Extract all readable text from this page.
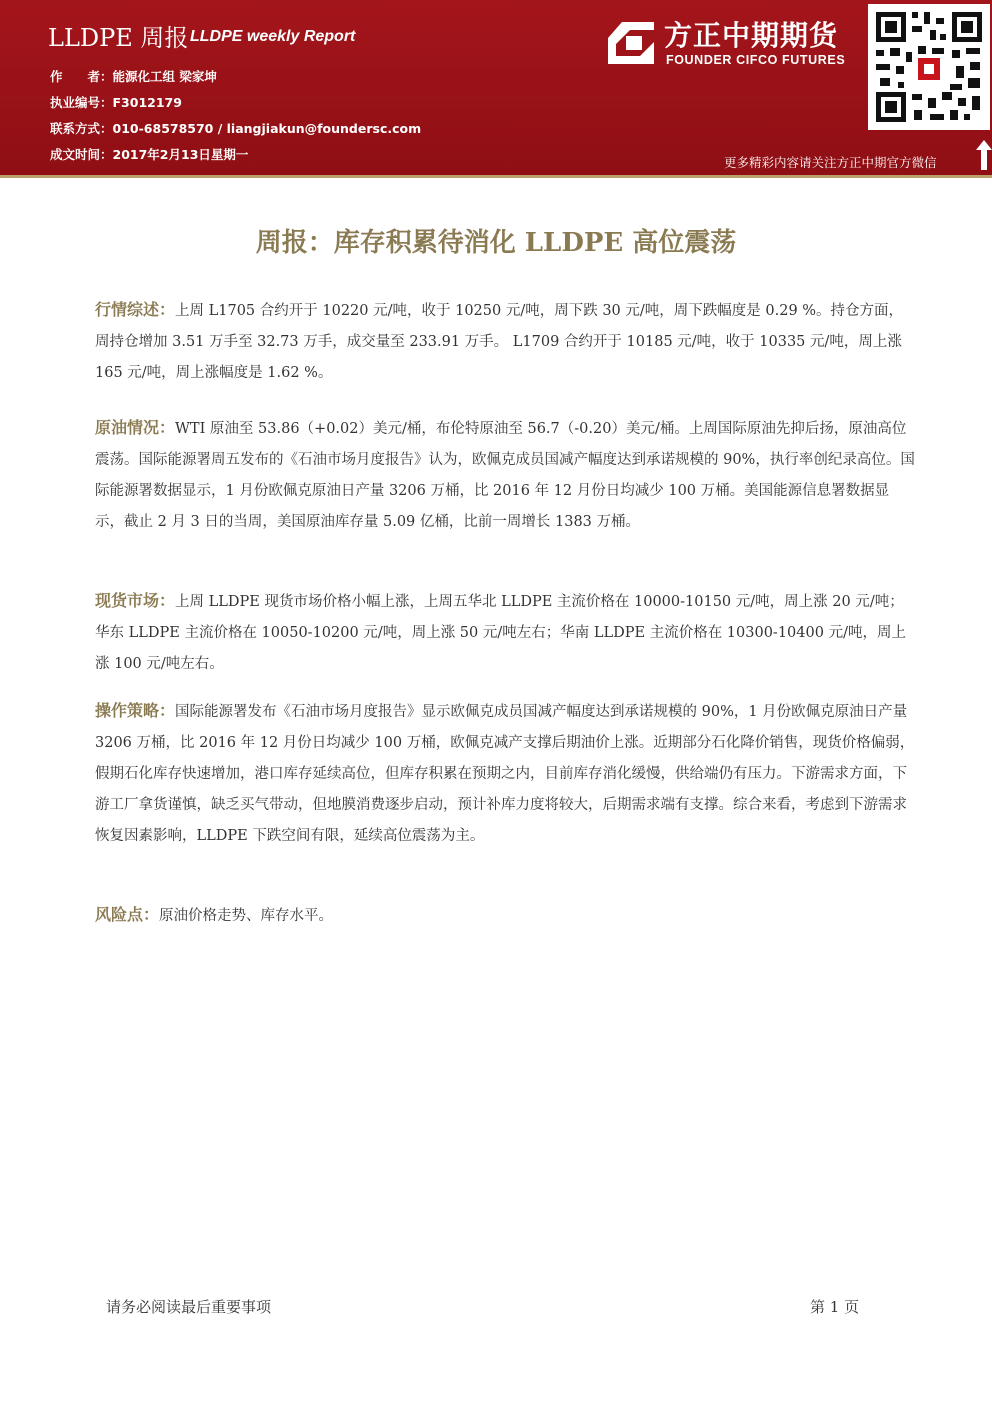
LLDPE 周报 LLDPE weekly Report
作　　者：能源化工组 梁家坤
执业编号：F3012179
联系方式：010-68578570 / liangjiakun@foundersc.com
成文时间：2017年2月13日星期一
方正中期期货
FOUNDER CIFCO FUTURES
更多精彩内容请关注方正中期官方微信
周报：库存积累待消化 LLDPE 高位震荡
行情综述：上周 L1705 合约开于 10220 元/吨，收于 10250 元/吨，周下跌 30 元/吨，周下跌幅度是 0.29 %。持仓方面，周持仓增加 3.51 万手至 32.73 万手，成交量至 233.91 万手。 L1709 合约开于 10185 元/吨，收于 10335 元/吨，周上涨 165 元/吨，周上涨幅度是 1.62 %。
原油情况：WTI 原油至 53.86（+0.02）美元/桶，布伦特原油至 56.7（-0.20）美元/桶。上周国际原油先抑后扬，原油高位震荡。国际能源署周五发布的《石油市场月度报告》认为，欧佩克成员国减产幅度达到承诺规模的 90%，执行率创纪录高位。国际能源署数据显示，1 月份欧佩克原油日产量 3206 万桶，比 2016 年 12 月份日均减少 100 万桶。美国能源信息署数据显示，截止 2 月 3 日的当周，美国原油库存量 5.09 亿桶，比前一周增长 1383 万桶。
现货市场：上周 LLDPE 现货市场价格小幅上涨，上周五华北 LLDPE 主流价格在 10000-10150 元/吨，周上涨 20 元/吨；华东 LLDPE 主流价格在 10050-10200 元/吨，周上涨 50 元/吨左右；华南 LLDPE 主流价格在 10300-10400 元/吨，周上涨 100 元/吨左右。
操作策略：国际能源署发布《石油市场月度报告》显示欧佩克成员国减产幅度达到承诺规模的 90%，1 月份欧佩克原油日产量 3206 万桶，比 2016 年 12 月份日均减少 100 万桶，欧佩克减产支撑后期油价上涨。近期部分石化降价销售，现货价格偏弱，假期石化库存快速增加，港口库存延续高位，但库存积累在预期之内，目前库存消化缓慢，供给端仍有压力。下游需求方面，下游工厂拿货谨慎，缺乏买气带动，但地膜消费逐步启动，预计补库力度将较大，后期需求端有支撑。综合来看，考虑到下游需求恢复因素影响，LLDPE 下跌空间有限，延续高位震荡为主。
风险点：原油价格走势、库存水平。
请务必阅读最后重要事项	第 1 页
